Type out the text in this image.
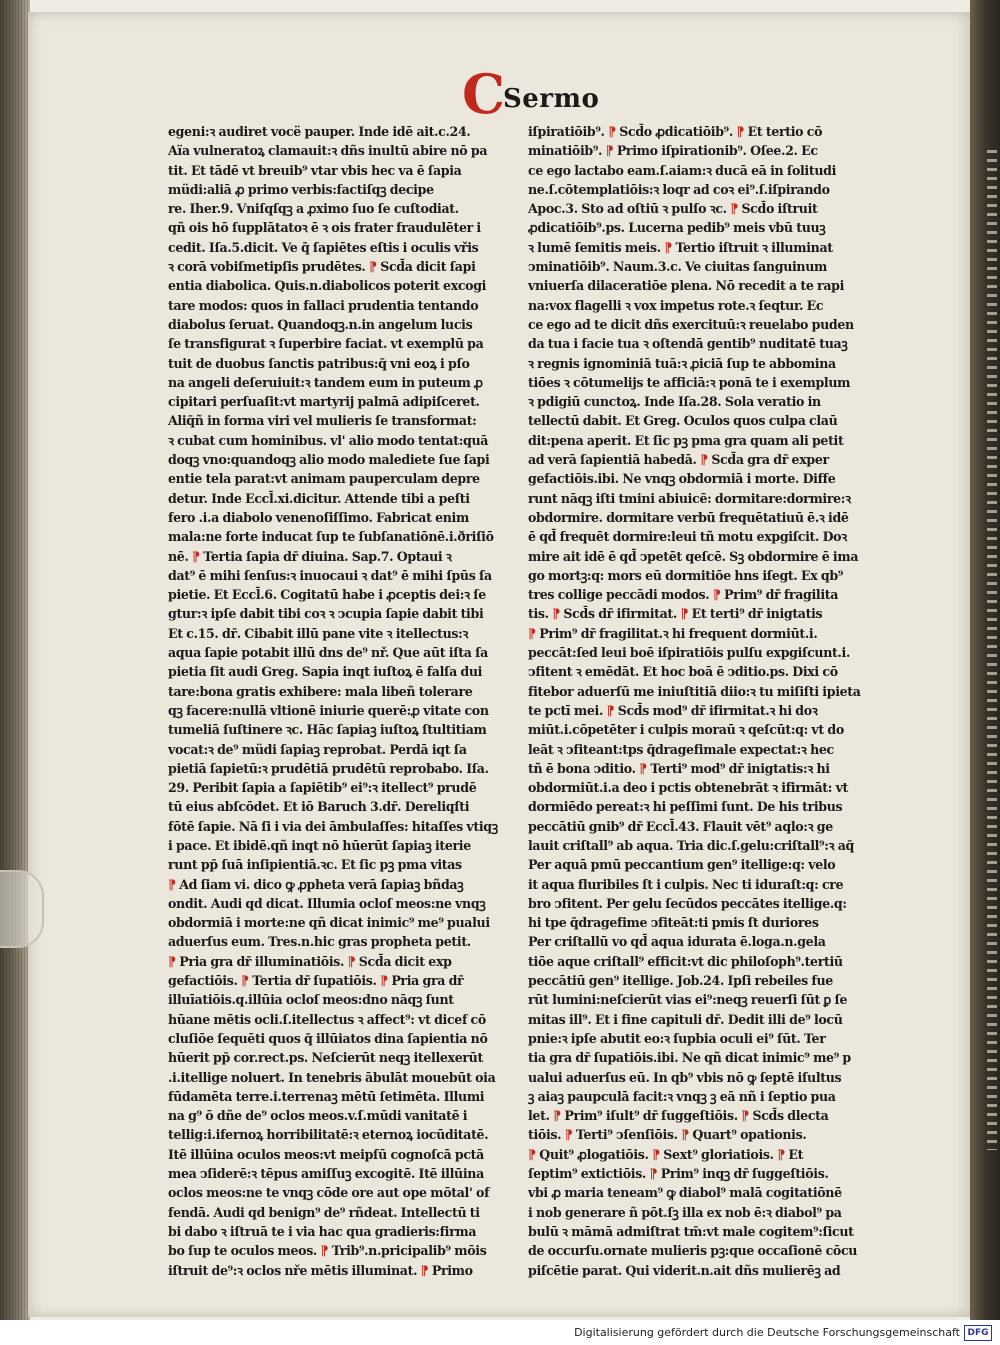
C
Sermo
egeni:ꝛ audiret vocë pauper. Inde idē ait.c.24.
Aïa vulneratoꝝ clamauit:ꝛ dñs inultū abire nō pa
tit. Et tādē vt breuib⁹ vtar vbis hec va ē ſapia
müdi:aliā ꝓ primo verbis:factiſqꝫ decipe
re. Iher.9. Vniſqſqꝫ a ꝓximo ſuo ſe cuſtodiat.
qñ ois hō ſupplātatoꝛ ē ꝛ ois frater fraudulēter i
cedit. Iſa.5.dicit. Ve q̄ ſapiētes eſtis i oculis vřis
ꝛ corā vobiſmetipſis prudētes. ⁋ Scd̄a dicit ſapi
entia diabolica. Quis.n.diabolicos poterit excogi
tare modos: quos in fallaci prudentia tentando
diabolus ſeruat. Quandoqꝫ.n.in angelum lucis
ſe transfigurat ꝛ ſuperbire faciat. vt exemplū pa
tuit de duobus ſanctis patribus:q̄ vni eoꝝ i pſo
na angeli deſeruiuit:ꝛ tandem eum in puteum ꝓ
cipitari perſuaſit:vt martyrij palmā adipiſceret.
Aliq̄ñ in forma viri vel mulieris ſe transformat:
ꝛ cubat cum hominibus. vl' alio modo tentat:quā
doqꝫ vno:quandoqꝫ alio modo malediete ſue ſapi
entie tela parat:vt animam pauperculam depre
detur. Inde Eccl̄.xi.dicitur. Attende tibi a peſti
fero .i.a diabolo venenoſiſſimo. Fabricat enim
mala:ne forte inducat ſup te ſubſanatiōnē.i.ðriſiō
nē. ⁋ Tertia ſapia dr̄ diuina. Sap.7. Optaui ꝛ
dat⁹ ē mihi ſenſus:ꝛ inuocaui ꝛ dat⁹ ē mihi ſpūs ſa
pietie. Et Eccl̄.6. Cogitatū habe i ꝓceptis dei:ꝛ ſe
gtur:ꝛ ipſe dabit tibi coꝛ ꝛ ↄcupia ſapie dabit tibi
Et c.15. dr̄. Cibabit illū pane vite ꝛ itellectus:ꝛ
aqua ſapie potabit illū dns de⁹ nř. Que aūt iſta ſa
pietia ſit audi Greg. Sapia inqt iuſtoꝝ ē falſa dui
tare:bona gratis exhibere: mala libeñ tolerare
qꝫ facere:nullā vltionē iniurie querē:ꝓ vitate con
tumeliā ſuſtinere ꝛc. Hāc ſapiaꝫ iuſtoꝝ ſtultitiam
vocat:ꝛ de⁹ müdi ſapiaꝫ reprobat. Perdā iqt ſa
pietiā ſapietū:ꝛ prudētiā prudētū reprobabo. Iſa.
29. Peribit ſapia a ſapiētib⁹ ei⁹:ꝛ itellect⁹ prudē
tū eius abſcōdet. Et iō Baruch 3.dr̄. Dereliqſti
fōtē ſapie. Nā ſi i via dei āmbulaſſes: hitaſſes vtiqꝫ
i pace. Et ibidē.qñ inqt nō hūerūt ſapiaꝫ iterie
runt pp̄ ſuā inſipientiā.ꝛc. Et ſic pꝫ pma vitas
⁋ Ad ſiam vi. dico ꝙ ꝓpheta verā ſapiaꝫ bñdaꝫ
ondit. Audi qd dicat. Illumia ocloſ meos:ne vnqꝫ
obdormiā i morte:ne qñ dicat inimic⁹ me⁹ pualui
aduerſus eum. Tres.n.hic gras propheta petit.
⁋ Pria gra dr̄ illuminatiōis. ⁋ Scd̄a dicit exp
gefactiōis. ⁋ Tertia dr̄ ſupatiōis. ⁋ Pria gra dr̄
illuīatiōis.q.illūia ocloſ meos:dno nāqꝫ ſunt
hūane mētis ocli.ſ.itellectus ꝛ affect⁹: vt dicef cō
cluſiōe ſequēti quos q̄ illūiatos dina ſapientia nō
hūerit pp̄ cor.rect.ps. Neſcierūt neqꝫ itellexerūt
.i.itellige noluert. In tenebris ābulāt mouebūt oia
fūdamēta terre.i.terrenaꝫ mētū ſetimēta. Illumi
na g⁹ ō dñe de⁹ oclos meos.v.ſ.mūdi vanitatē i
tellig:i.ifernoꝝ horribilitatē:ꝛ eternoꝝ iocūditatē.
Itē illūina oculos meos:vt meipſū cognoſcā pctā
mea ↄſiderē:ꝛ tēpus amiſſuꝫ excogitē. Itē illūina
oclos meos:ne te vnqꝫ cōde ore aut ope mōtal' of
fendā. Audi qd benign⁹ de⁹ rñdeat. Intellectū ti
bi dabo ꝛ iſtruā te i via hac qua gradieris:firma
bo ſup te oculos meos. ⁋ Trib⁹.n.pricipalib⁹ mōis
iſtruit de⁹:ꝛ oclos nře mētis illuminat. ⁋ Primo
iſpiratiōib⁹. ⁋ Scd̄o ꝓdicatiōib⁹. ⁋ Et tertio cō
minatiōib⁹. ⁋ Primo iſpirationib⁹. Oſee.2. Ec
ce ego lactabo eam.ſ.aiam:ꝛ ducā eā in ſolitudi
ne.ſ.cōtemplatiōis:ꝛ loqr ad coꝛ ei⁹.ſ.iſpirando
Apoc.3. Sto ad oſtiū ꝛ pulſo ꝛc. ⁋ Scd̄o iſtruit
ꝓdicatiōib⁹.ps. Lucerna pedib⁹ meis vbū tuuꝫ
ꝛ lumē ſemitis meis. ⁋ Tertio iſtruit ꝛ illuminat
ↄminatiōib⁹. Naum.3.c. Ve ciuitas ſanguinum
vniuerſa dilaceratiōe plena. Nō recedit a te rapi
na:vox flagelli ꝛ vox impetus rote.ꝛ ſeqtur. Ec
ce ego ad te dicit dñs exercituū:ꝛ reuelabo puden
da tua i facie tua ꝛ oſtendā gentib⁹ nuditatē tuaꝫ
ꝛ regnis ignominiā tuā:ꝛ ꝓiciā ſup te abbomina
tiōes ꝛ cōtumelijs te afficiā:ꝛ ponā te i exemplum
ꝛ pdigiū cunctoꝝ. Inde Iſa.28. Sola veratio in
tellectū dabit. Et Greg. Oculos quos culpa claū
dit:pena aperit. Et ſic pꝫ pma gra quam ali petit
ad verā ſapientiā habedā. ⁋ Scd̄a gra dr̄ exper
gefactiōis.ibi. Ne vnqꝫ obdormiā i morte. Diffe
runt nāqꝫ iſti tmini abiuicē: dormitare:dormire:ꝛ
obdormire. dormitare verbū frequētatiuū ē.ꝛ idē
ē qd̄ frequēt dormire:leui tñ motu expgiſcit. Doꝛ
mire ait idē ē qd̄ ↄpetēt qeſcē. Sꝫ obdormire ē ima
go mortꝫ:q: mors eū dormitiōe hns iſegt. Ex qb⁹
tres collige peccādi modos. ⁋ Prim⁹ dr̄ fragilita
tis. ⁋ Scd̄s dr̄ ifirmitat. ⁋ Et terti⁹ dr̄ inigtatis
⁋ Prim⁹ dr̄ fragilitat.ꝛ hi frequent dormiūt.i.
peccāt:ſed leui boē iſpiratiōis pulſu expgiſcunt.i.
ↄfitent ꝛ emēdāt. Et hoc boā ē ↄditio.ps. Dixi cō
fitebor aduerſū me iniuſtitiā diio:ꝛ tu miſiſti ipieta
te pctī mei. ⁋ Scd̄s mod⁹ dr̄ ifirmitat.ꝛ hi doꝛ
miūt.i.cōpetēter i culpis moraū ꝛ qeſcūt:q: vt do
leāt ꝛ ↄfiteant:tps q̄dragefimale expectat:ꝛ hec
tñ ē bona ↄditio. ⁋ Terti⁹ mod⁹ dr̄ inigtatis:ꝛ hi
obdormiūt.i.a deo i pctis obtenebrāt ꝛ ifirmāt: vt
dormiēdo pereat:ꝛ hi peſſimi ſunt. De his tribus
peccātiū gnib⁹ dr̄ Eccl̄.43. Flauit vēt⁹ aqlo:ꝛ ge
lauit criſtall⁹ ab aqua. Tria dic.ſ.gelu:criſtall⁹:ꝛ aq̄
Per aquā pmū peccantium gen⁹ itellige:q: velo
it aqua fluribiles ſt i culpis. Nec ti iduraſt:q: cre
bro ↄfitent. Per gelu ſecūdos peccātes itellige.q:
hi tpe q̄dragefime ↄfiteāt:ti pmis ſt duriores
Per criſtallū vo qd̄ aqua idurata ē.loga.n.gela
tiōe aque criſtall⁹ efficit:vt dic philoſoph⁹.tertiū
peccātiū gen⁹ itellige. Job.24. Ipſi rebeiles fue
rūt lumini:neſcierūt vias ei⁹:neqꝫ reuerſi ſūt ꝑ ſe
mitas ill⁹. Et i fine capituli dr̄. Dedit illi de⁹ locū
pnie:ꝛ ipſe abutit eo:ꝛ ſupbia oculi ei⁹ ſūt. Ter
tia gra dr̄ ſupatiōis.ibi. Ne qñ dicat inimic⁹ me⁹ p
ualui aduerſus eū. In qb⁹ vbis nō ꝙ ſeptē iſultus
ꝫ aiaꝫ paupculā facit:ꝛ vnqꝫ ꝫ eā nñ i ſeptio pua
let. ⁋ Prim⁹ iſult⁹ dr̄ ſuggeſtiōis. ⁋ Scd̄s dlecta
tiōis. ⁋ Terti⁹ ↄſenſiōis. ⁋ Quart⁹ opationis.
⁋ Quit⁹ ꝓlogatiōis. ⁋ Sext⁹ gloriatiois. ⁋ Et
ſeptim⁹ extictiōis. ⁋ Prim⁹ inqꝫ dr̄ ſuggeſtiōis.
vbi ꝓ maria teneam⁹ ꝙ diabol⁹ malā cogitatiōnē
i nob generare ñ pōt.ſꝫ illa ex nob ē:ꝛ diabol⁹ pa
bulū ꝛ māmā admiſtrat tm̄:vt male cogitem⁹:ſicut
de occurſu.ornate mulieris pꝫ:que occaſionē cōcu
piſcētie parat. Qui viderit.n.ait dñs mulierēꝫ ad
Digitalisierung gefördert durch die Deutsche Forschungsgemeinschaft DFG
